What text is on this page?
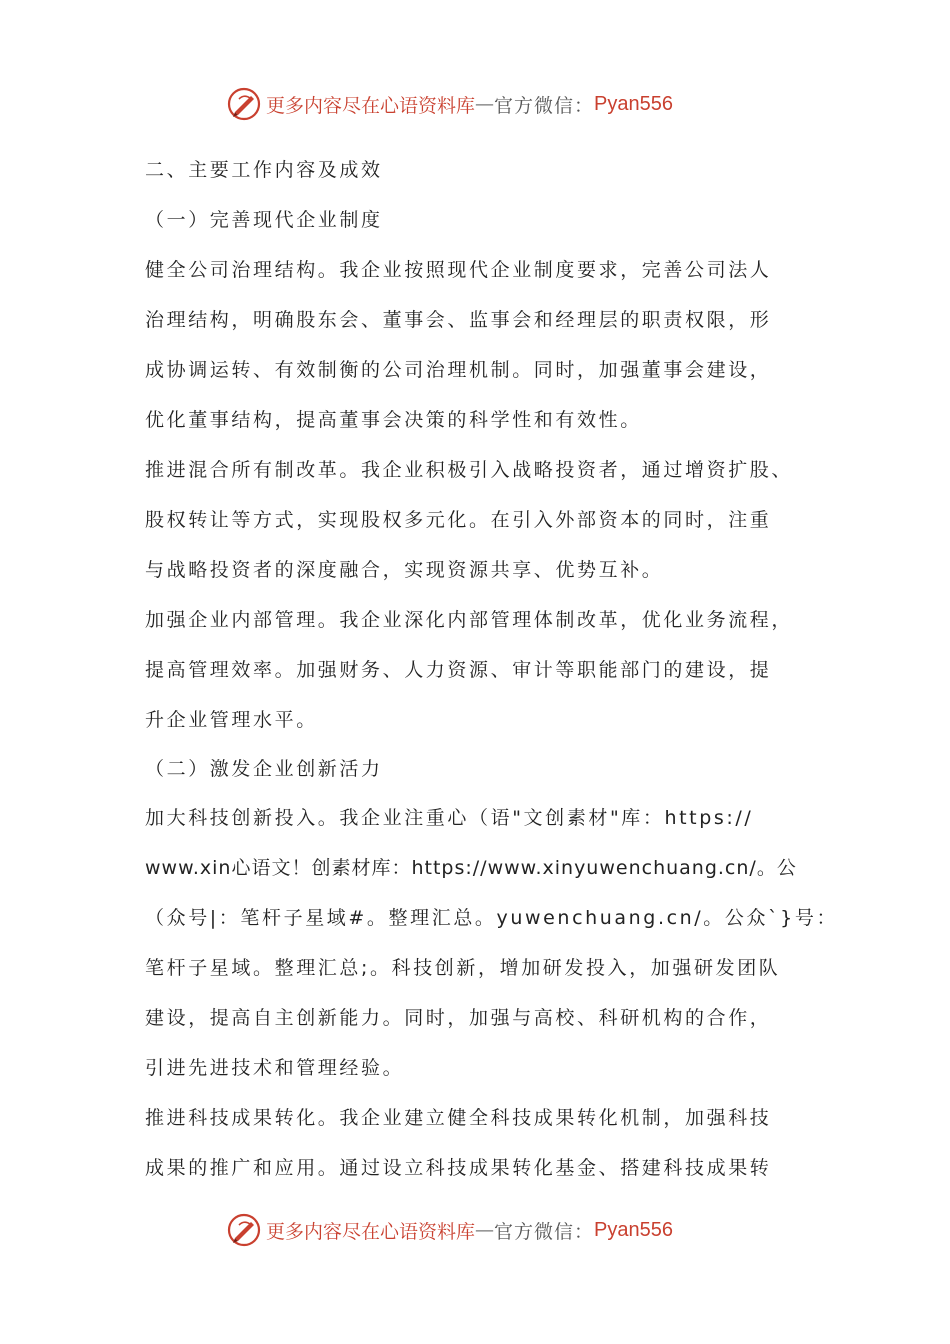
更多内容尽在心语资料库 — 官方微信： Pyan556
二、主要工作内容及成效
（一）完善现代企业制度
健全公司治理结构。我企业按照现代企业制度要求，完善公司法人
治理结构，明确股东会、董事会、监事会和经理层的职责权限，形
成协调运转、有效制衡的公司治理机制。同时，加强董事会建设，
优化董事结构，提高董事会决策的科学性和有效性。
推进混合所有制改革。我企业积极引入战略投资者，通过增资扩股、
股权转让等方式，实现股权多元化。在引入外部资本的同时，注重
与战略投资者的深度融合，实现资源共享、优势互补。
加强企业内部管理。我企业深化内部管理体制改革，优化业务流程，
提高管理效率。加强财务、人力资源、审计等职能部门的建设，提
升企业管理水平。
（二）激发企业创新活力
加大科技创新投入。我企业注重心（语"文创素材"库：https://
www.xin心语文！创素材库：https://www.xinyuwenchuang.cn/。公
（众号|：笔杆子星域#。整理汇总。yuwenchuang.cn/。公众`}号：
笔杆子星域。整理汇总;。科技创新，增加研发投入，加强研发团队
建设，提高自主创新能力。同时，加强与高校、科研机构的合作，
引进先进技术和管理经验。
推进科技成果转化。我企业建立健全科技成果转化机制，加强科技
成果的推广和应用。通过设立科技成果转化基金、搭建科技成果转
更多内容尽在心语资料库 — 官方微信： Pyan556
